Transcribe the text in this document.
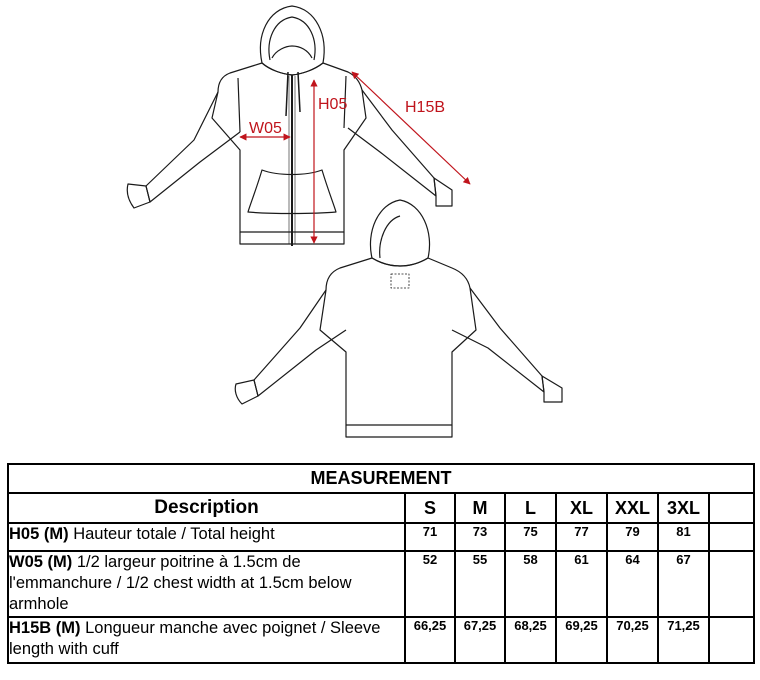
H05
W05
H15B
MEASUREMENT							
Description	S	M	L	XL	XXL	3XL	
H05 (M) Hauteur totale / Total height	71	73	75	77	79	81	
W05 (M) 1/2 largeur poitrine à 1.5cm de l'emmanchure / 1/2 chest width at 1.5cm below armhole	52	55	58	61	64	67	
H15B (M) Longueur manche avec poignet / Sleeve length with cuff	66,25	67,25	68,25	69,25	70,25	71,25	
